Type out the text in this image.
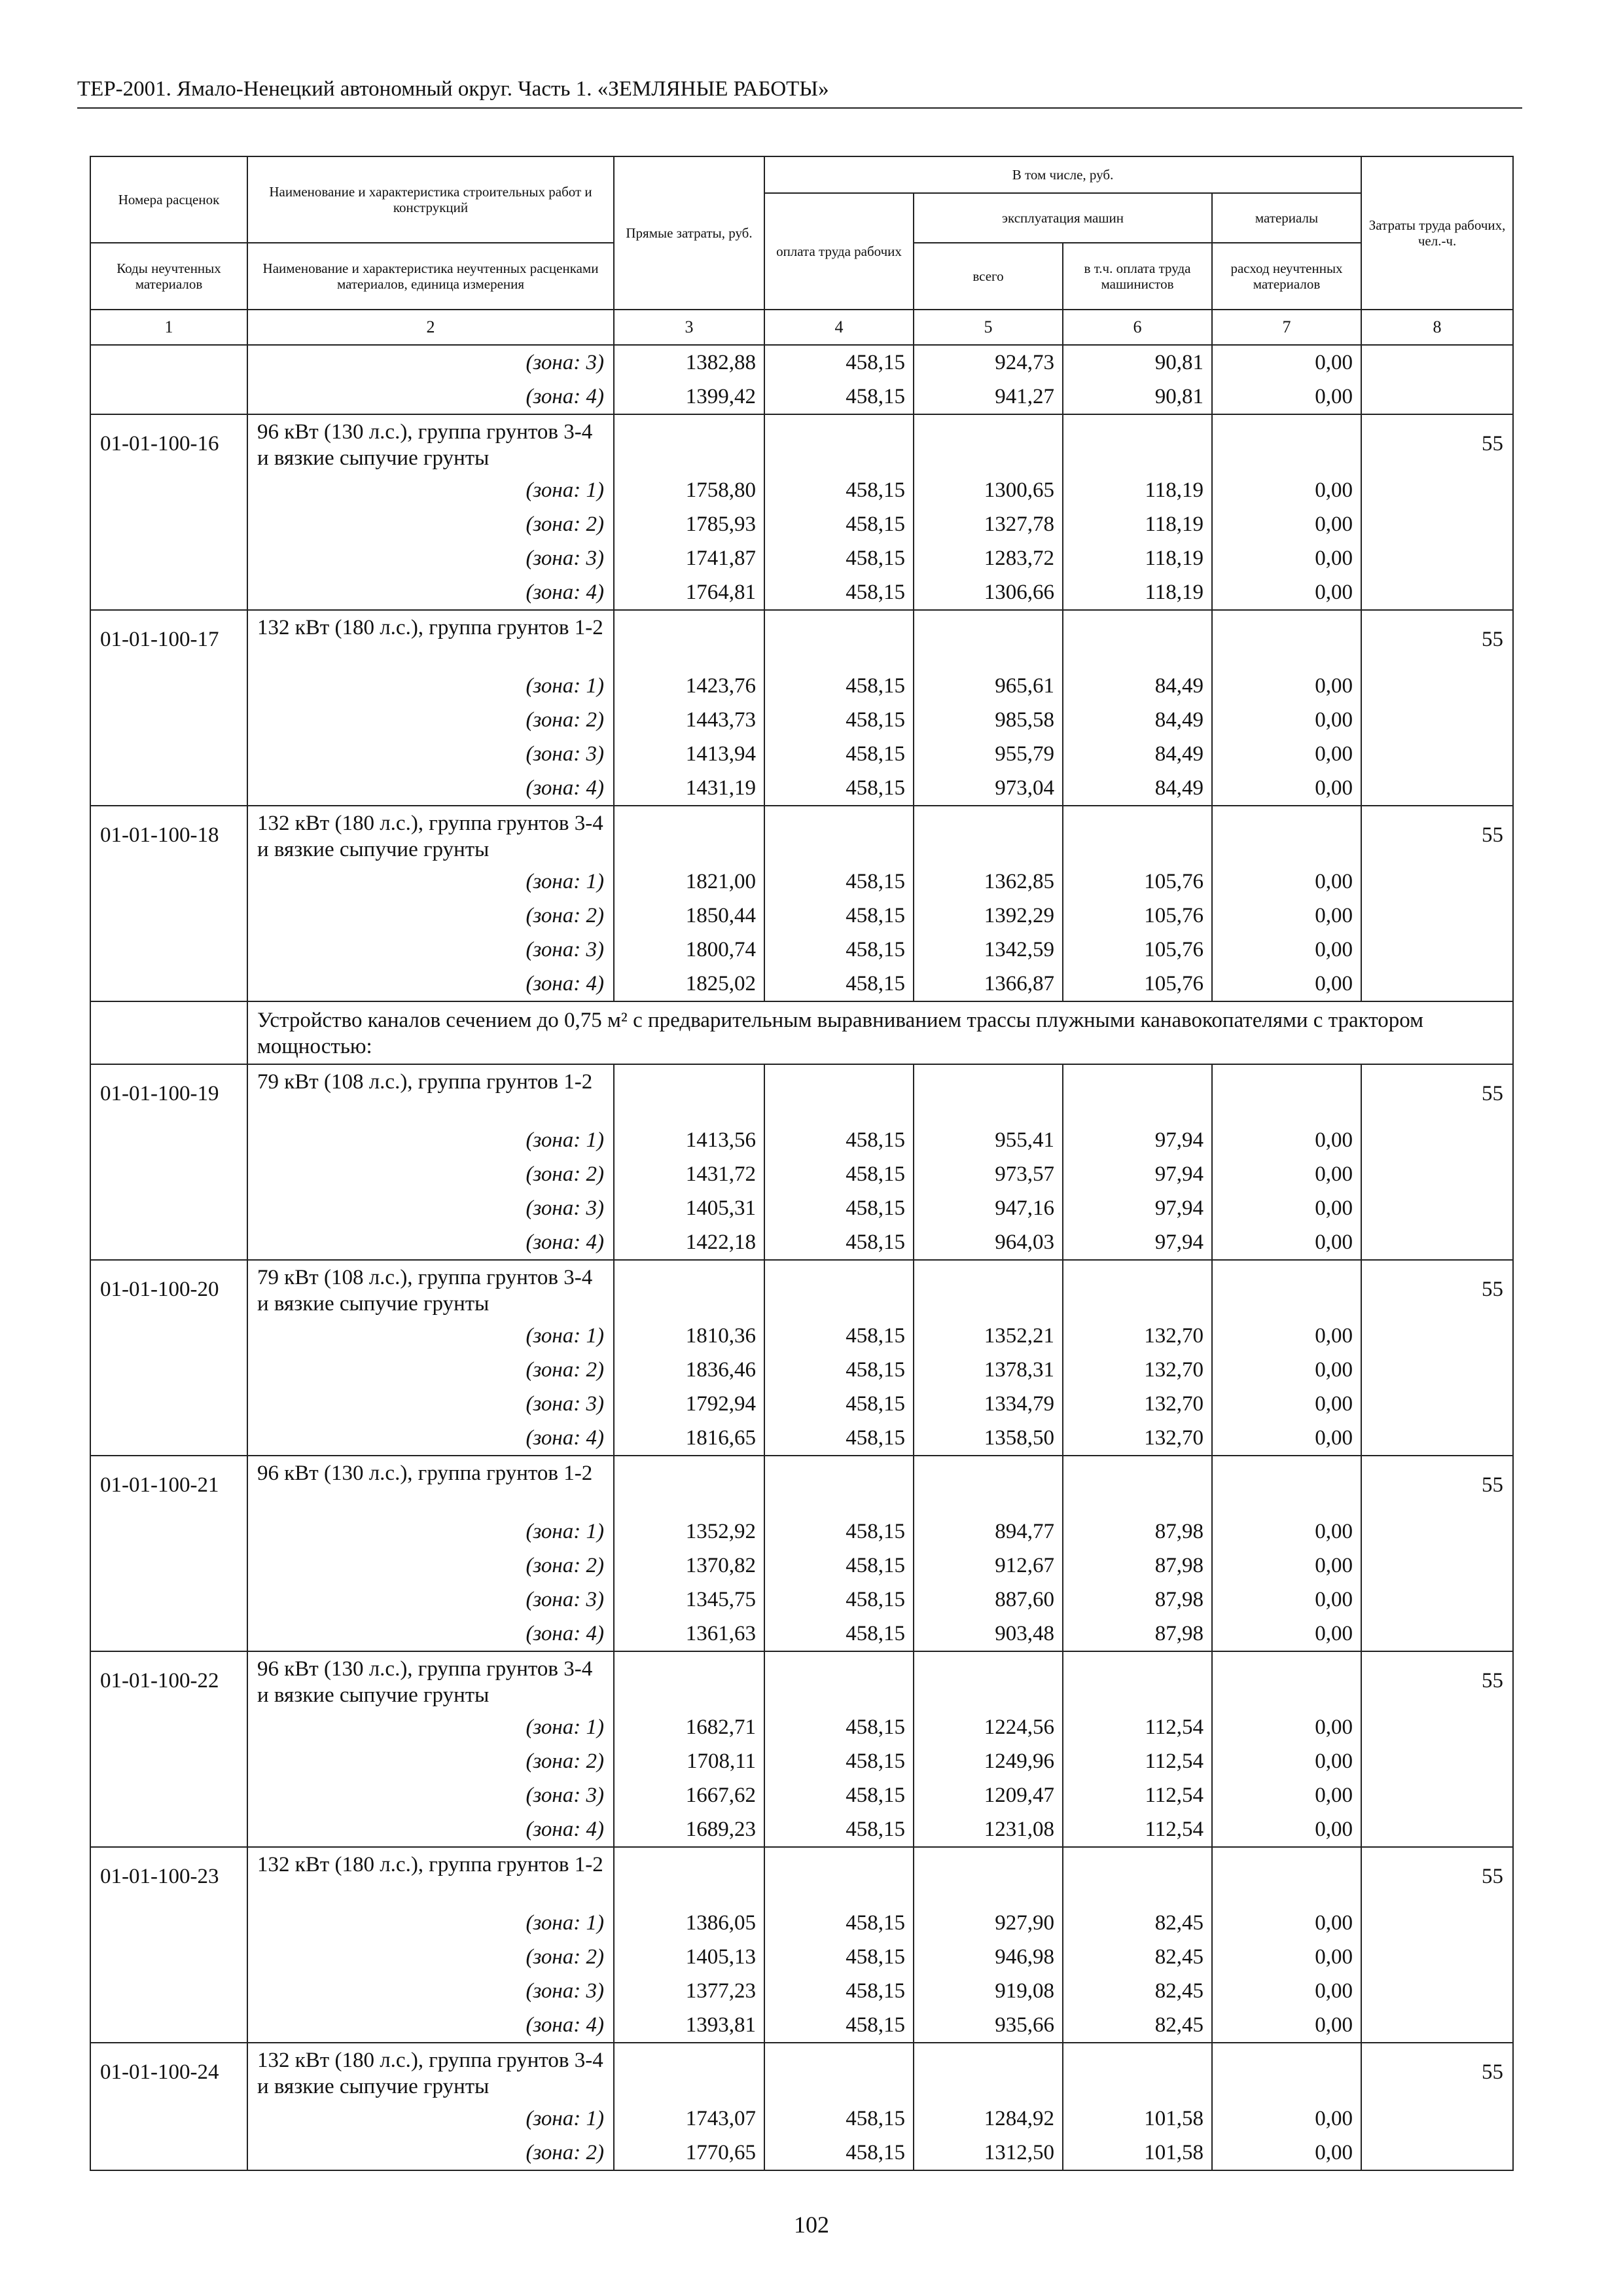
ТЕР-2001. Ямало-Ненецкий автономный округ. Часть 1. «ЗЕМЛЯНЫЕ РАБОТЫ»
Номера расценок	Наименование и характеристика строительных работ и конструкций	Прямые затраты, руб.	В том числе, руб.				Затраты труда рабочих, чел.-ч.
			оплата труда рабочих	эксплуатация машин		материалы	
Коды неучтенных материалов	Наименование и характеристика неучтенных расценками материалов, единица измерения			всего	в т.ч. оплата труда машинистов	расход неучтенных материалов	
1	2	3	4	5	6	7	8
	(зона: 3)	1382,88	458,15	924,73	90,81	0,00	
	(зона: 4)	1399,42	458,15	941,27	90,81	0,00	
01-01-100-16	96 кВт (130 л.с.), группа грунтов 3-4 и вязкие сыпучие грунты						55
	(зона: 1)	1758,80	458,15	1300,65	118,19	0,00	
	(зона: 2)	1785,93	458,15	1327,78	118,19	0,00	
	(зона: 3)	1741,87	458,15	1283,72	118,19	0,00	
	(зона: 4)	1764,81	458,15	1306,66	118,19	0,00	
01-01-100-17	132 кВт (180 л.с.), группа грунтов 1-2						55
	(зона: 1)	1423,76	458,15	965,61	84,49	0,00	
	(зона: 2)	1443,73	458,15	985,58	84,49	0,00	
	(зона: 3)	1413,94	458,15	955,79	84,49	0,00	
	(зона: 4)	1431,19	458,15	973,04	84,49	0,00	
01-01-100-18	132 кВт (180 л.с.), группа грунтов 3-4 и вязкие сыпучие грунты						55
	(зона: 1)	1821,00	458,15	1362,85	105,76	0,00	
	(зона: 2)	1850,44	458,15	1392,29	105,76	0,00	
	(зона: 3)	1800,74	458,15	1342,59	105,76	0,00	
	(зона: 4)	1825,02	458,15	1366,87	105,76	0,00	
	Устройство каналов сечением до 0,75 м² с предварительным выравниванием трассы плужными канавокопателями с трактором мощностью:						
01-01-100-19	79 кВт (108 л.с.), группа грунтов 1-2						55
	(зона: 1)	1413,56	458,15	955,41	97,94	0,00	
	(зона: 2)	1431,72	458,15	973,57	97,94	0,00	
	(зона: 3)	1405,31	458,15	947,16	97,94	0,00	
	(зона: 4)	1422,18	458,15	964,03	97,94	0,00	
01-01-100-20	79 кВт (108 л.с.), группа грунтов 3-4 и вязкие сыпучие грунты						55
	(зона: 1)	1810,36	458,15	1352,21	132,70	0,00	
	(зона: 2)	1836,46	458,15	1378,31	132,70	0,00	
	(зона: 3)	1792,94	458,15	1334,79	132,70	0,00	
	(зона: 4)	1816,65	458,15	1358,50	132,70	0,00	
01-01-100-21	96 кВт (130 л.с.), группа грунтов 1-2						55
	(зона: 1)	1352,92	458,15	894,77	87,98	0,00	
	(зона: 2)	1370,82	458,15	912,67	87,98	0,00	
	(зона: 3)	1345,75	458,15	887,60	87,98	0,00	
	(зона: 4)	1361,63	458,15	903,48	87,98	0,00	
01-01-100-22	96 кВт (130 л.с.), группа грунтов 3-4 и вязкие сыпучие грунты						55
	(зона: 1)	1682,71	458,15	1224,56	112,54	0,00	
	(зона: 2)	1708,11	458,15	1249,96	112,54	0,00	
	(зона: 3)	1667,62	458,15	1209,47	112,54	0,00	
	(зона: 4)	1689,23	458,15	1231,08	112,54	0,00	
01-01-100-23	132 кВт (180 л.с.), группа грунтов 1-2						55
	(зона: 1)	1386,05	458,15	927,90	82,45	0,00	
	(зона: 2)	1405,13	458,15	946,98	82,45	0,00	
	(зона: 3)	1377,23	458,15	919,08	82,45	0,00	
	(зона: 4)	1393,81	458,15	935,66	82,45	0,00	
01-01-100-24	132 кВт (180 л.с.), группа грунтов 3-4 и вязкие сыпучие грунты						55
	(зона: 1)	1743,07	458,15	1284,92	101,58	0,00	
	(зона: 2)	1770,65	458,15	1312,50	101,58	0,00	
102
